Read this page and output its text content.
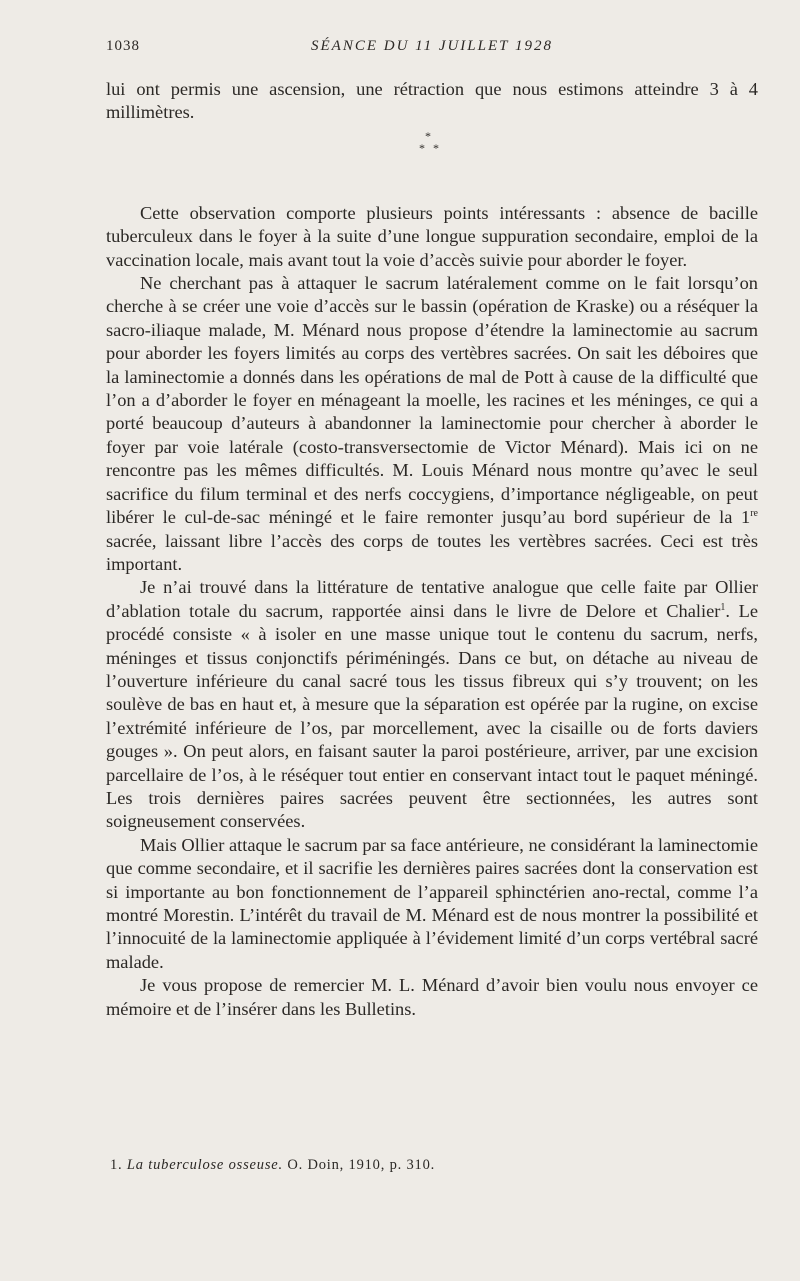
1038	SÉANCE DU 11 JUILLET 1928

lui ont permis une ascension, une rétraction que nous estimons atteindre 3 à 4 millimètres.

*
* *

Cette observation comporte plusieurs points intéressants : absence de bacille tuberculeux dans le foyer à la suite d’une longue suppuration secondaire, emploi de la vaccination locale, mais avant tout la voie d’accès suivie pour aborder le foyer.

Ne cherchant pas à attaquer le sacrum latéralement comme on le fait lorsqu’on cherche à se créer une voie d’accès sur le bassin (opération de Kraske) ou a réséquer la sacro-iliaque malade, M. Ménard nous propose d’étendre la laminectomie au sacrum pour aborder les foyers limités au corps des vertèbres sacrées. On sait les déboires que la laminectomie a donnés dans les opérations de mal de Pott à cause de la difficulté que l’on a d’aborder le foyer en ménageant la moelle, les racines et les méninges, ce qui a porté beaucoup d’auteurs à abandonner la laminectomie pour chercher à aborder le foyer par voie latérale (costo-transversectomie de Victor Ménard). Mais ici on ne rencontre pas les mêmes difficultés. M. Louis Ménard nous montre qu’avec le seul sacrifice du filum terminal et des nerfs coccygiens, d’importance négligeable, on peut libérer le cul-de-sac méningé et le faire remonter jusqu’au bord supérieur de la 1re sacrée, laissant libre l’accès des corps de toutes les vertèbres sacrées. Ceci est très important.

Je n’ai trouvé dans la littérature de tentative analogue que celle faite par Ollier d’ablation totale du sacrum, rapportée ainsi dans le livre de Delore et Chalier$^1$. Le procédé consiste « à isoler en une masse unique tout le contenu du sacrum, nerfs, méninges et tissus conjonctifs périméningés. Dans ce but, on détache au niveau de l’ouverture inférieure du canal sacré tous les tissus fibreux qui s’y trouvent; on les soulève de bas en haut et, à mesure que la séparation est opérée par la rugine, on excise l’extrémité inférieure de l’os, par morcellement, avec la cisaille ou de forts daviers gouges ». On peut alors, en faisant sauter la paroi postérieure, arriver, par une excision parcellaire de l’os, à le réséquer tout entier en conservant intact tout le paquet méningé. Les trois dernières paires sacrées peuvent être sectionnées, les autres sont soigneusement conservées.

Mais Ollier attaque le sacrum par sa face antérieure, ne considérant la laminectomie que comme secondaire, et il sacrifie les dernières paires sacrées dont la conservation est si importante au bon fonctionnement de l’appareil sphinctérien ano-rectal, comme l’a montré Morestin. L’intérêt du travail de M. Ménard est de nous montrer la possibilité et l’innocuité de la laminectomie appliquée à l’évidement limité d’un corps vertébral sacré malade.

Je vous propose de remercier M. L. Ménard d’avoir bien voulu nous envoyer ce mémoire et de l’insérer dans les Bulletins.

1. La tuberculose osseuse. O. Doin, 1910, p. 310.
